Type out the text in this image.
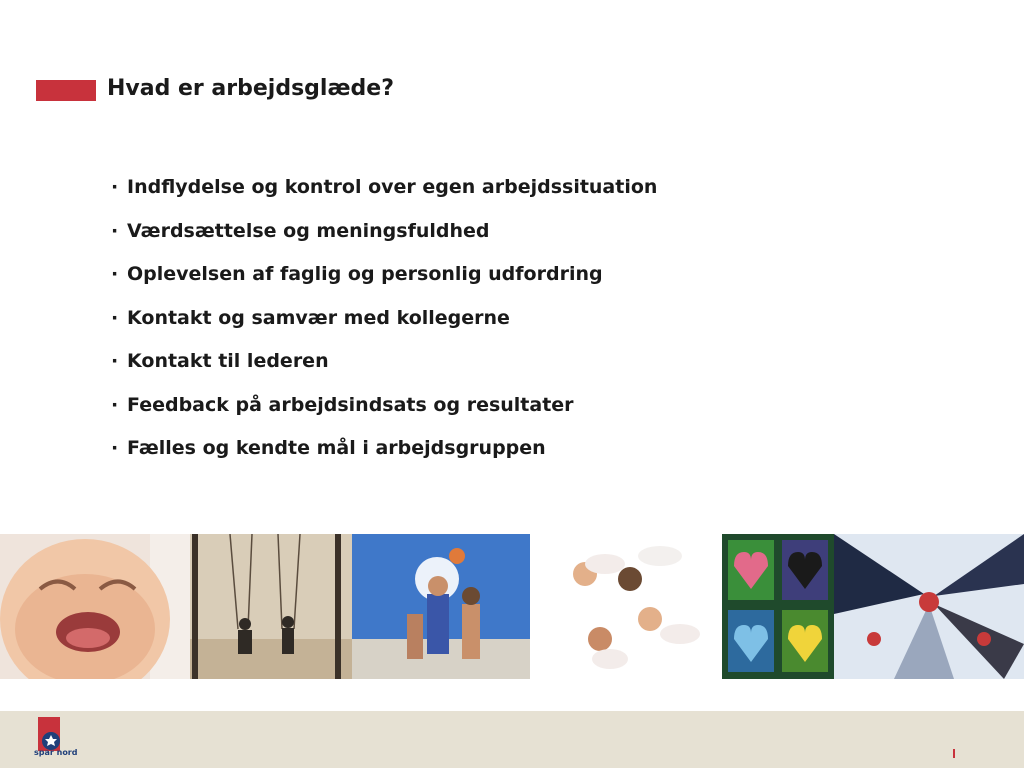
Hvad er arbejdsglæde?
· Indflydelse og kontrol over egen arbejdssituation
· Værdsættelse og meningsfuldhed
· Oplevelsen af faglig og personlig udfordring
· Kontakt og samvær med kollegerne
· Kontakt til lederen
· Feedback på arbejdsindsats og resultater
· Fælles og kendte mål i arbejdsgruppen
spar nord
